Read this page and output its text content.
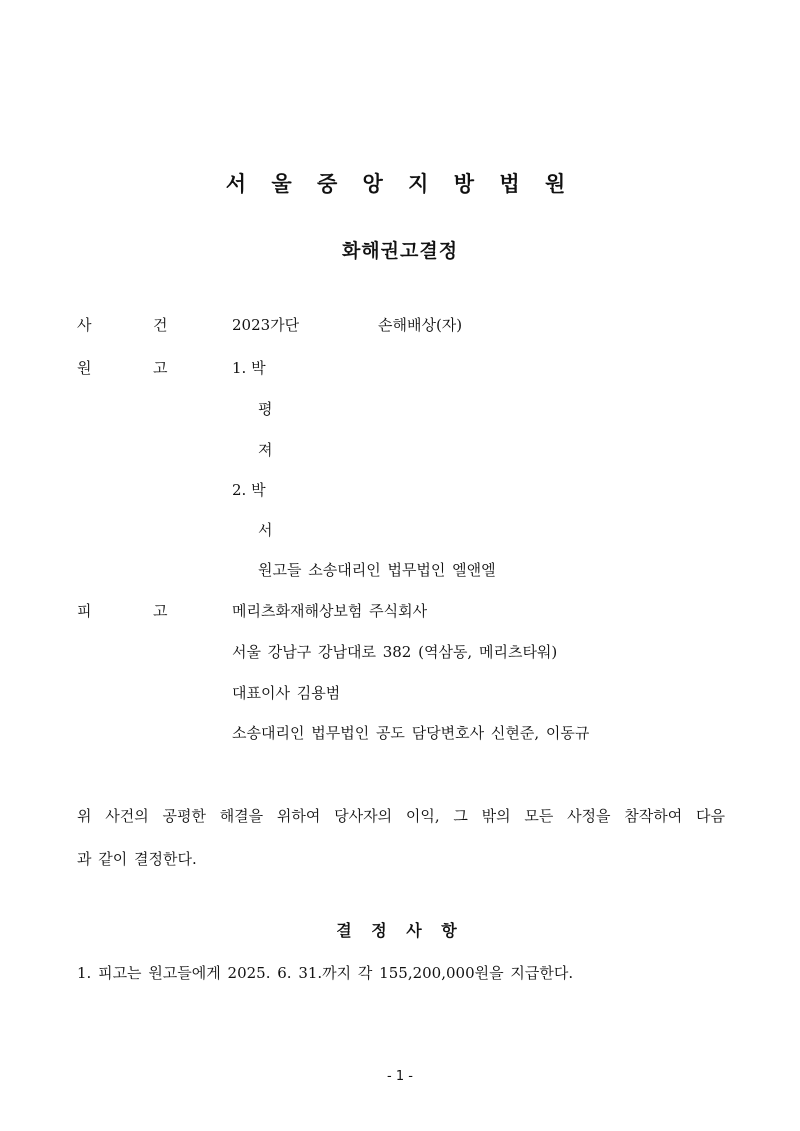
서 울 중 앙 지 방 법 원
화해권고결정
사	건	2023가단	손해배상(자)
원	고	1. 박
평
져
2. 박
서
원고들 소송대리인 법무법인 엘앤엘
피	고	메리츠화재해상보험 주식회사
서울 강남구 강남대로 382 (역삼동, 메리츠타워)
대표이사 김용범
소송대리인 법무법인 공도 담당변호사 신현준, 이동규
위 사건의 공평한 해결을 위하여 당사자의 이익, 그 밖의 모든 사정을 참작하여 다음
과 같이 결정한다.
결 정 사 항
1. 피고는 원고들에게 2025. 6. 31.까지 각 155,200,000원을 지급한다.
- 1 -
